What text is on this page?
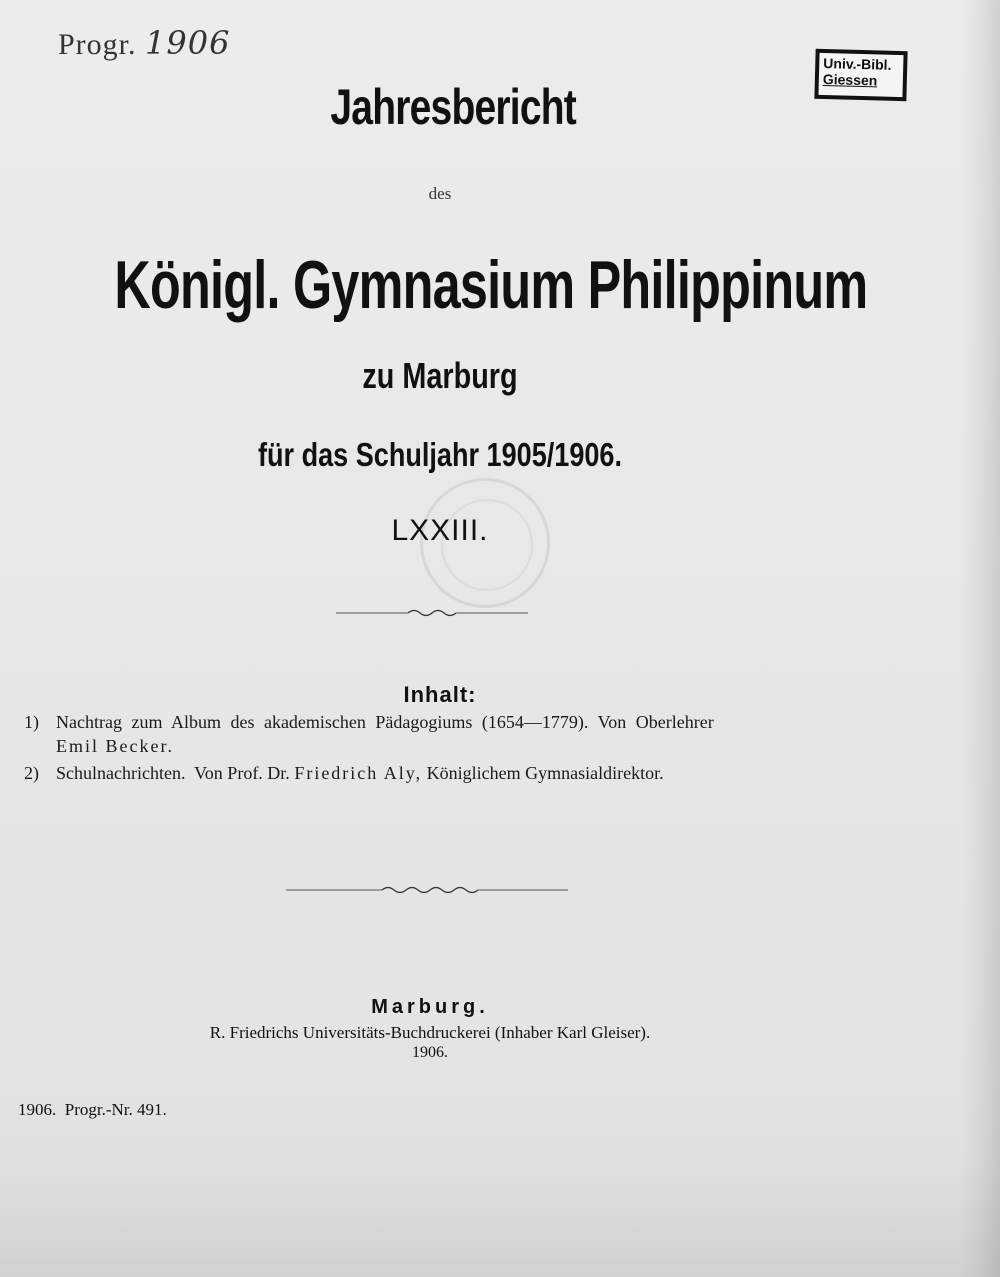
Progr. 1906
Univ.-Bibl.
Giessen
Jahresbericht
des
Königl. Gymnasium Philippinum
zu Marburg
für das Schuljahr 1905/1906.
LXXIII.
Inhalt:
1) Nachtrag zum Album des akademischen Pädagogiums (1654—1779). Von Oberlehrer
Emil Becker.
2) Schulnachrichten.  Von Prof. Dr. Friedrich Aly, Königlichem Gymnasialdirektor.
Marburg.
R. Friedrichs Universitäts-Buchdruckerei (Inhaber Karl Gleiser).
1906.
1906.  Progr.-Nr. 491.
